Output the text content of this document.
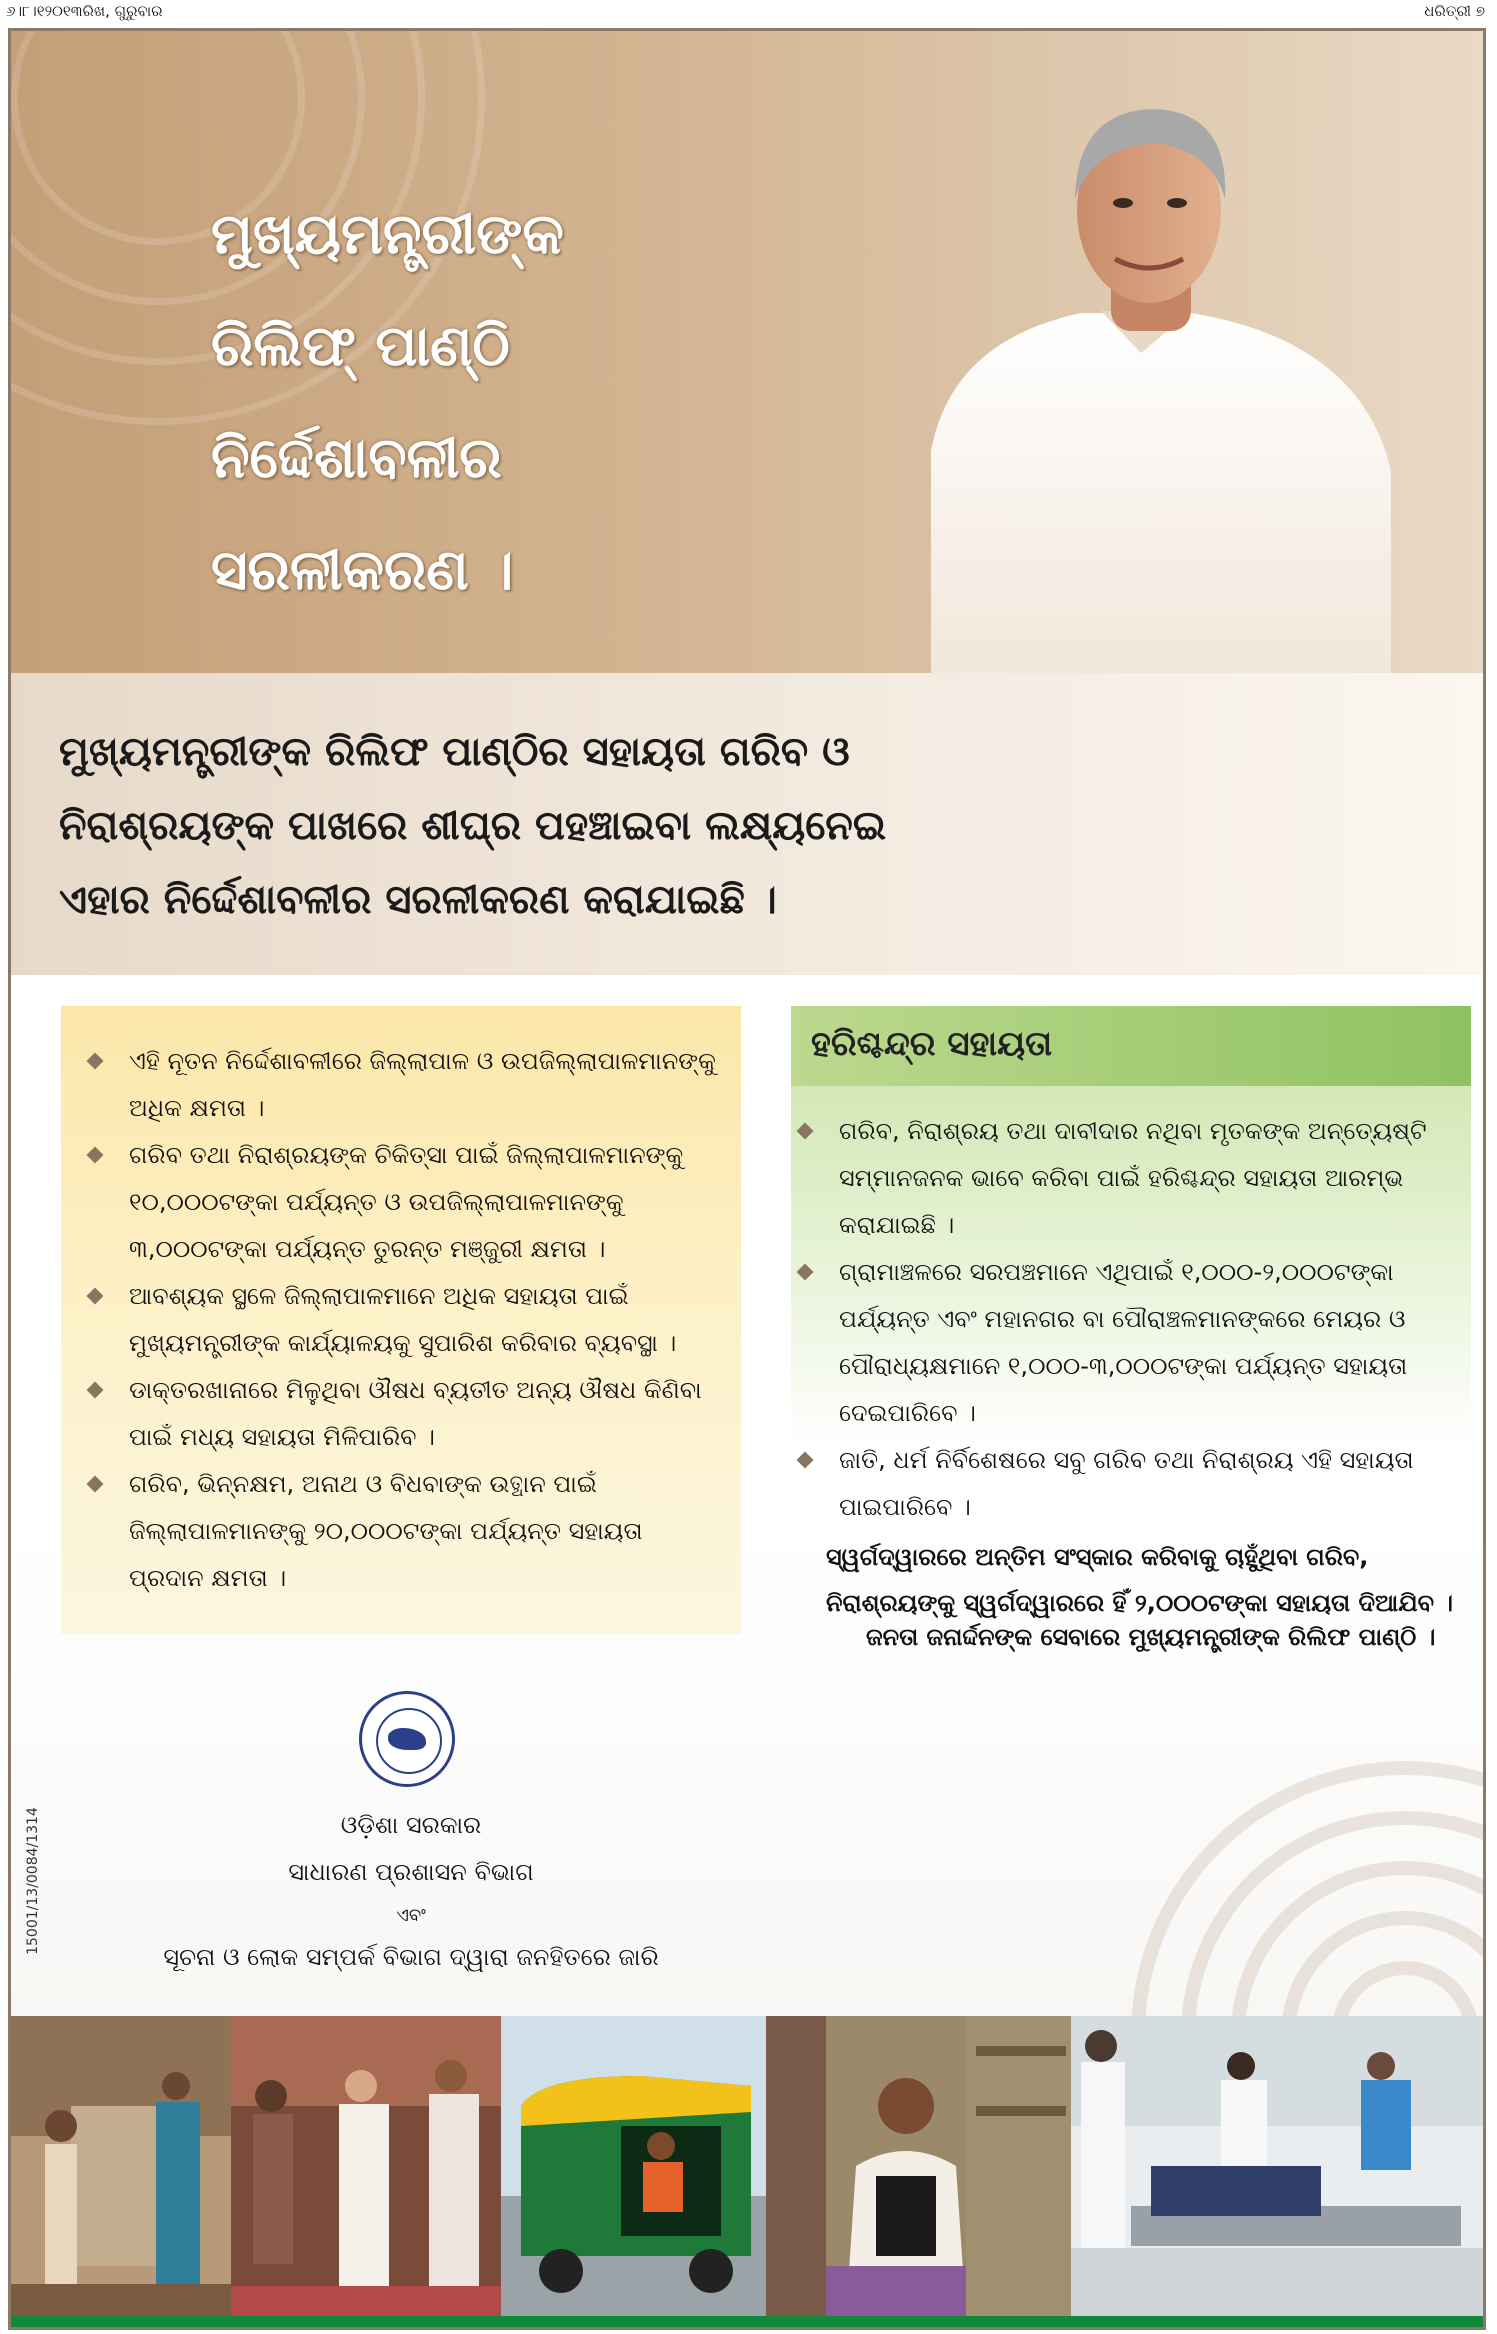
୬।୮।୧୨୦୧୩ରିଖ, ଗୁରୁବାର	ଧରିତ୍ରୀ ୭
ମୁଖ୍ୟମନ୍ତ୍ରୀଙ୍କ
ରିଲିଫ୍ ପାଣ୍ଠି
ନିର୍ଦ୍ଦେଶାବଳୀର
ସରଳୀକରଣ ।
ମୁଖ୍ୟମନ୍ତ୍ରୀଙ୍କ ରିଲିଫ ପାଣ୍ଠିର ସହାୟତା ଗରିବ ଓ
ନିରାଶ୍ରୟଙ୍କ ପାଖରେ ଶୀଘ୍ର ପହଞ୍ଚାଇବା ଲକ୍ଷ୍ୟନେଇ
ଏହାର ନିର୍ଦ୍ଦେଶାବଳୀର ସରଳୀକରଣ କରାଯାଇଛି ।
ଏହି ନୂତନ ନିର୍ଦ୍ଦେଶାବଳୀରେ ଜିଲ୍ଲାପାଳ ଓ ଉପଜିଲ୍ଲାପାଳମାନଙ୍କୁ ଅଧିକ କ୍ଷମତା ।
ଗରିବ ତଥା ନିରାଶ୍ରୟଙ୍କ ଚିକିତ୍ସା ପାଇଁ ଜିଲ୍ଲାପାଳମାନଙ୍କୁ ୧୦,୦୦୦ଟଙ୍କା ପର୍ଯ୍ୟନ୍ତ ଓ ଉପଜିଲ୍ଲାପାଳମାନଙ୍କୁ ୩,୦୦୦ଟଙ୍କା ପର୍ଯ୍ୟନ୍ତ ତୁରନ୍ତ ମଞ୍ଜୁରୀ କ୍ଷମତା ।
ଆବଶ୍ୟକ ସ୍ଥଳେ ଜିଲ୍ଲାପାଳମାନେ ଅଧିକ ସହାୟତା ପାଇଁ ମୁଖ୍ୟମନ୍ତ୍ରୀଙ୍କ କାର୍ଯ୍ୟାଳୟକୁ ସୁପାରିଶ କରିବାର ବ୍ୟବସ୍ଥା ।
ଡାକ୍ତରଖାନାରେ ମିଳୁଥିବା ଔଷଧ ବ୍ୟତୀତ ଅନ୍ୟ ଔଷଧ କିଣିବା ପାଇଁ ମଧ୍ୟ ସହାୟତା ମିଳିପାରିବ ।
ଗରିବ, ଭିନ୍ନକ୍ଷମ, ଅନାଥ ଓ ବିଧବାଙ୍କ ଉତ୍ଥାନ ପାଇଁ ଜିଲ୍ଲାପାଳମାନଙ୍କୁ ୨୦,୦୦୦ଟଙ୍କା ପର୍ଯ୍ୟନ୍ତ ସହାୟତା ପ୍ରଦାନ କ୍ଷମତା ।
ହରିଶ୍ଚନ୍ଦ୍ର ସହାୟତା
ଗରିବ, ନିରାଶ୍ରୟ ତଥା ଦାବୀଦାର ନଥିବା ମୃତକଙ୍କ ଅନ୍ତ୍ୟେଷ୍ଟି ସମ୍ମାନଜନକ ଭାବେ କରିବା ପାଇଁ ହରିଶ୍ଚନ୍ଦ୍ର ସହାୟତା ଆରମ୍ଭ କରାଯାଇଛି ।
ଗ୍ରାମାଞ୍ଚଳରେ ସରପଞ୍ଚମାନେ ଏଥିପାଇଁ ୧,୦୦୦-୨,୦୦୦ଟଙ୍କା ପର୍ଯ୍ୟନ୍ତ ଏବଂ ମହାନଗର ବା ପୌରାଞ୍ଚଳମାନଙ୍କରେ ମେୟର ଓ ପୌରାଧ୍ୟକ୍ଷମାନେ ୧,୦୦୦-୩,୦୦୦ଟଙ୍କା ପର୍ଯ୍ୟନ୍ତ ସହାୟତା ଦେଇପାରିବେ ।
ଜାତି, ଧର୍ମ ନିର୍ବିଶେଷରେ ସବୁ ଗରିବ ତଥା ନିରାଶ୍ରୟ ଏହି ସହାୟତା ପାଇପାରିବେ ।
ସ୍ୱର୍ଗଦ୍ୱାରରେ ଅନ୍ତିମ ସଂସ୍କାର କରିବାକୁ ଚାହୁଁଥିବା ଗରିବ, ନିରାଶ୍ରୟଙ୍କୁ ସ୍ୱର୍ଗଦ୍ୱାରରେ ହିଁ ୨,୦୦୦ଟଙ୍କା ସହାୟତା ଦିଆଯିବ ।
ଜନତା ଜନାର୍ଦ୍ଦନଙ୍କ ସେବାରେ ମୁଖ୍ୟମନ୍ତ୍ରୀଙ୍କ ରିଲିଫ ପାଣ୍ଠି ।
ଓଡ଼ିଶା ସରକାର
ସାଧାରଣ ପ୍ରଶାସନ ବିଭାଗ
ଏବଂ
ସୂଚନା ଓ ଲୋକ ସମ୍ପର୍କ ବିଭାଗ ଦ୍ୱାରା ଜନହିତରେ ଜାରି
15001/13/0084/1314
